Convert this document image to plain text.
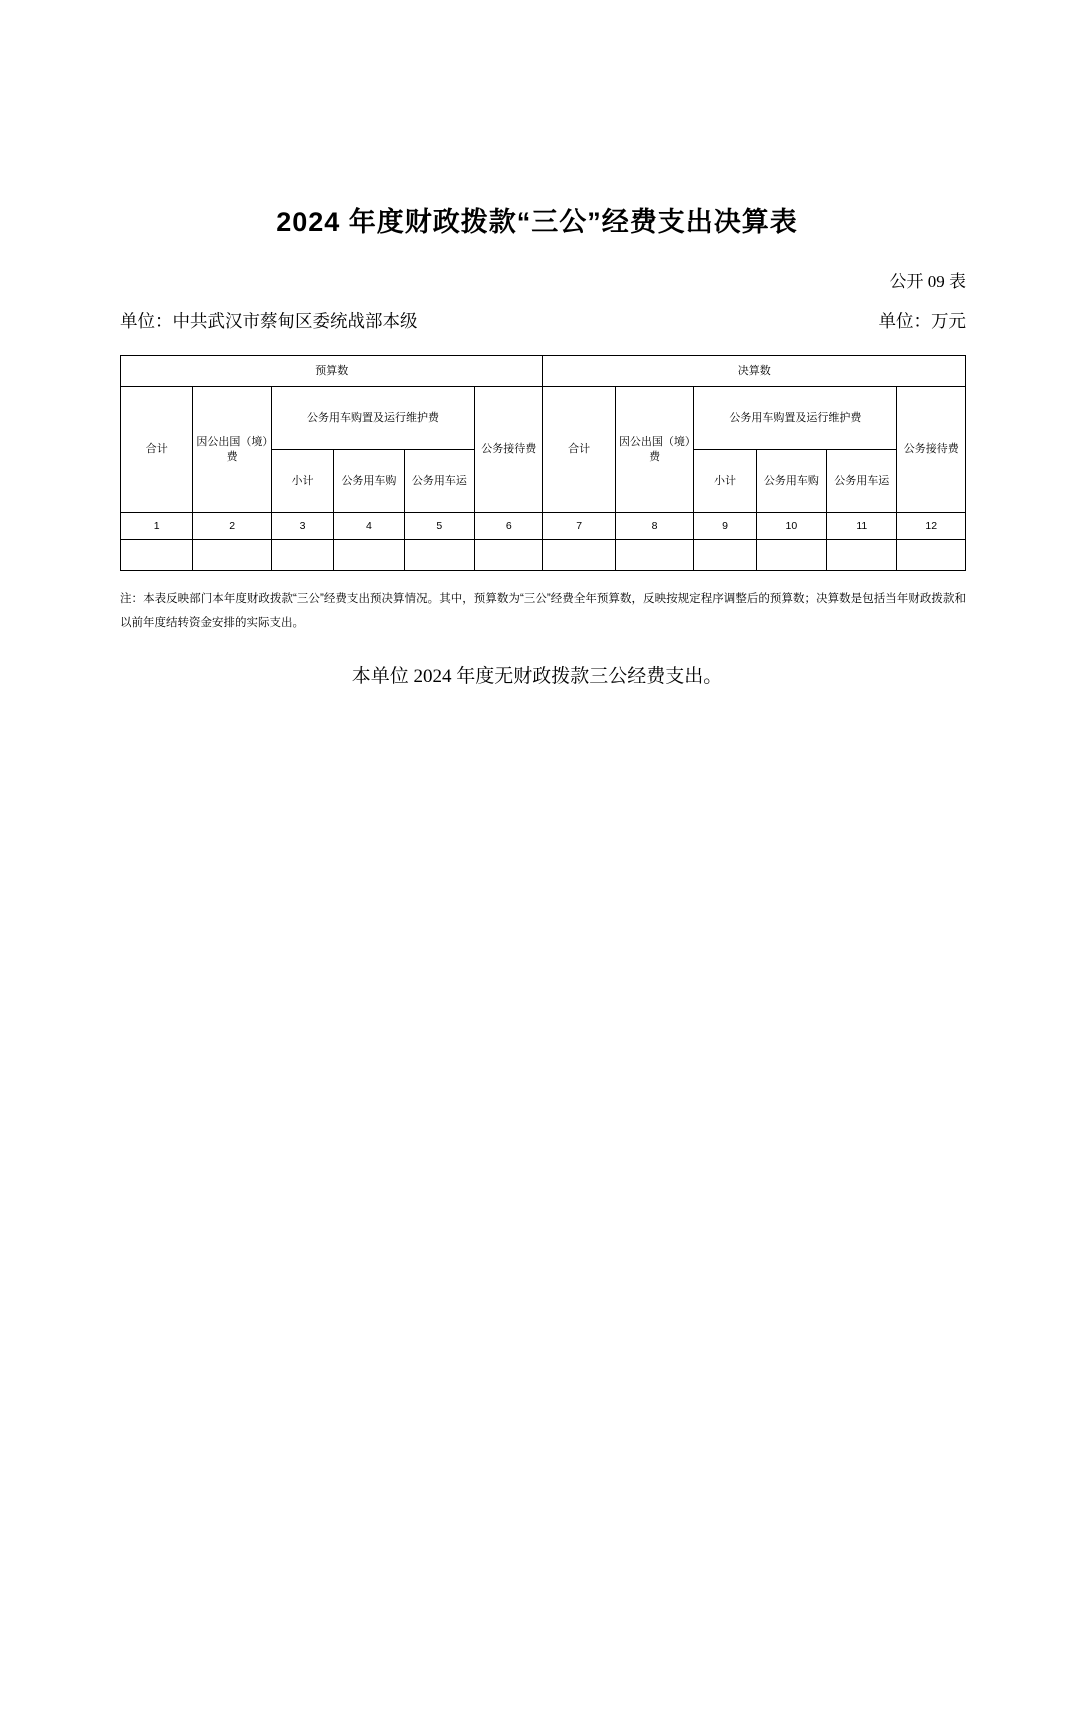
2024 年度财政拨款“三公”经费支出决算表
公开 09 表
单位：中共武汉市蔡甸区委统战部本级	单位：万元
预算数						决算数					
合计	因公出国（境）费	公务用车购置及运行维护费			公务接待费	合计	因公出国（境）费	公务用车购置及运行维护费			公务接待费
		小计	公务用车购	公务用车运				小计	公务用车购	公务用车运	
1	2	3	4	5	6	7	8	9	10	11	12

注：本表反映部门本年度财政拨款“三公”经费支出预决算情况。其中，预算数为“三公”经费全年预算数，反映按规定程序调整后的预算数；决算数是包括当年财政拨款和以前年度结转资金安排的实际支出。
本单位 2024 年度无财政拨款三公经费支出。
